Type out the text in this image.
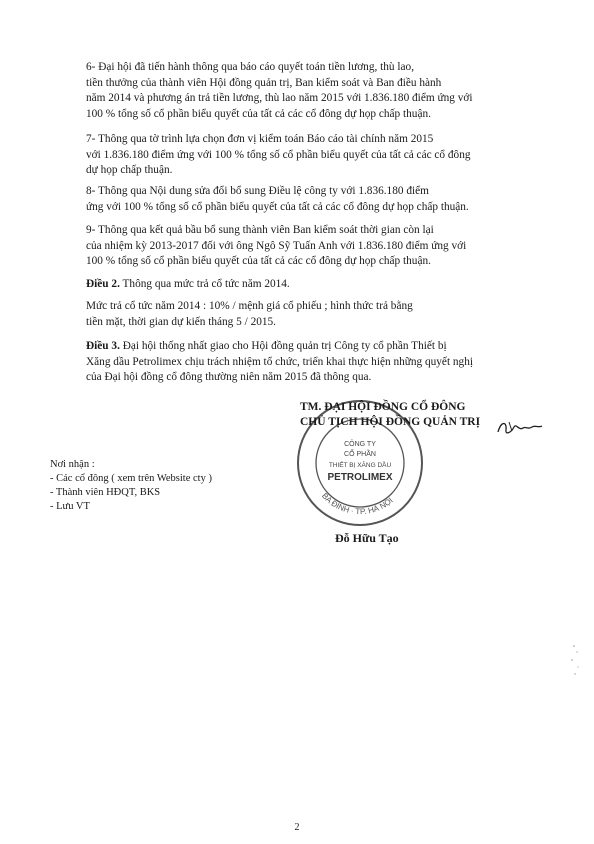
6- Đại hội đã tiến hành thông qua báo cáo quyết toán tiền lương, thù lao,
tiền thưởng của thành viên Hội đồng quản trị, Ban kiểm soát và Ban điều hành
năm 2014 và phương án trả tiền lương, thù lao năm 2015 với 1.836.180 điểm ứng với
100 % tổng số cổ phần biểu quyết của tất cả các cổ đông dự họp chấp thuận.

7- Thông qua tờ trình lựa chọn đơn vị kiểm toán Báo cáo tài chính năm 2015
với 1.836.180 điểm ứng với 100 % tổng số cổ phần biểu quyết của tất cả các cổ đông
dự họp chấp thuận.

8- Thông qua Nội dung sửa đổi bổ sung Điều lệ công ty với 1.836.180 điểm
ứng với 100 % tổng số cổ phần biểu quyết của tất cả các cổ đông dự họp chấp thuận.

9- Thông qua kết quả bầu bổ sung thành viên Ban kiểm soát thời gian còn lại
của nhiệm kỳ 2013-2017 đối với ông Ngô Sỹ Tuấn Anh với 1.836.180 điểm ứng với
100 % tổng số cổ phần biểu quyết của tất cả các cổ đông dự họp chấp thuận.

Điều 2. Thông qua mức trả cổ tức năm 2014.

Mức trả cổ tức năm 2014 : 10% / mệnh giá cổ phiếu ; hình thức trả bằng
tiền mặt, thời gian dự kiến tháng 5 / 2015.

Điều 3. Đại hội thống nhất giao cho Hội đồng quản trị Công ty cổ phần Thiết bị
Xăng dầu Petrolimex chịu trách nhiệm tổ chức, triển khai thực hiện những quyết nghị
của Đại hội đồng cổ đông thường niên năm 2015 đã thông qua.

BA ĐÌNH · TP. HÀ NỘI
CÔNG TY
CỔ PHẦN
THIẾT BỊ XĂNG DẦU
PETROLIMEX
TM. ĐẠI HỘI ĐỒNG CỔ ĐÔNG
CHỦ TỊCH HỘI ĐỒNG QUẢN TRỊ
Nơi nhận :
- Các cổ đông ( xem trên Website cty )
- Thành viên HĐQT, BKS
- Lưu VT
Đỗ Hữu Tạo
2
